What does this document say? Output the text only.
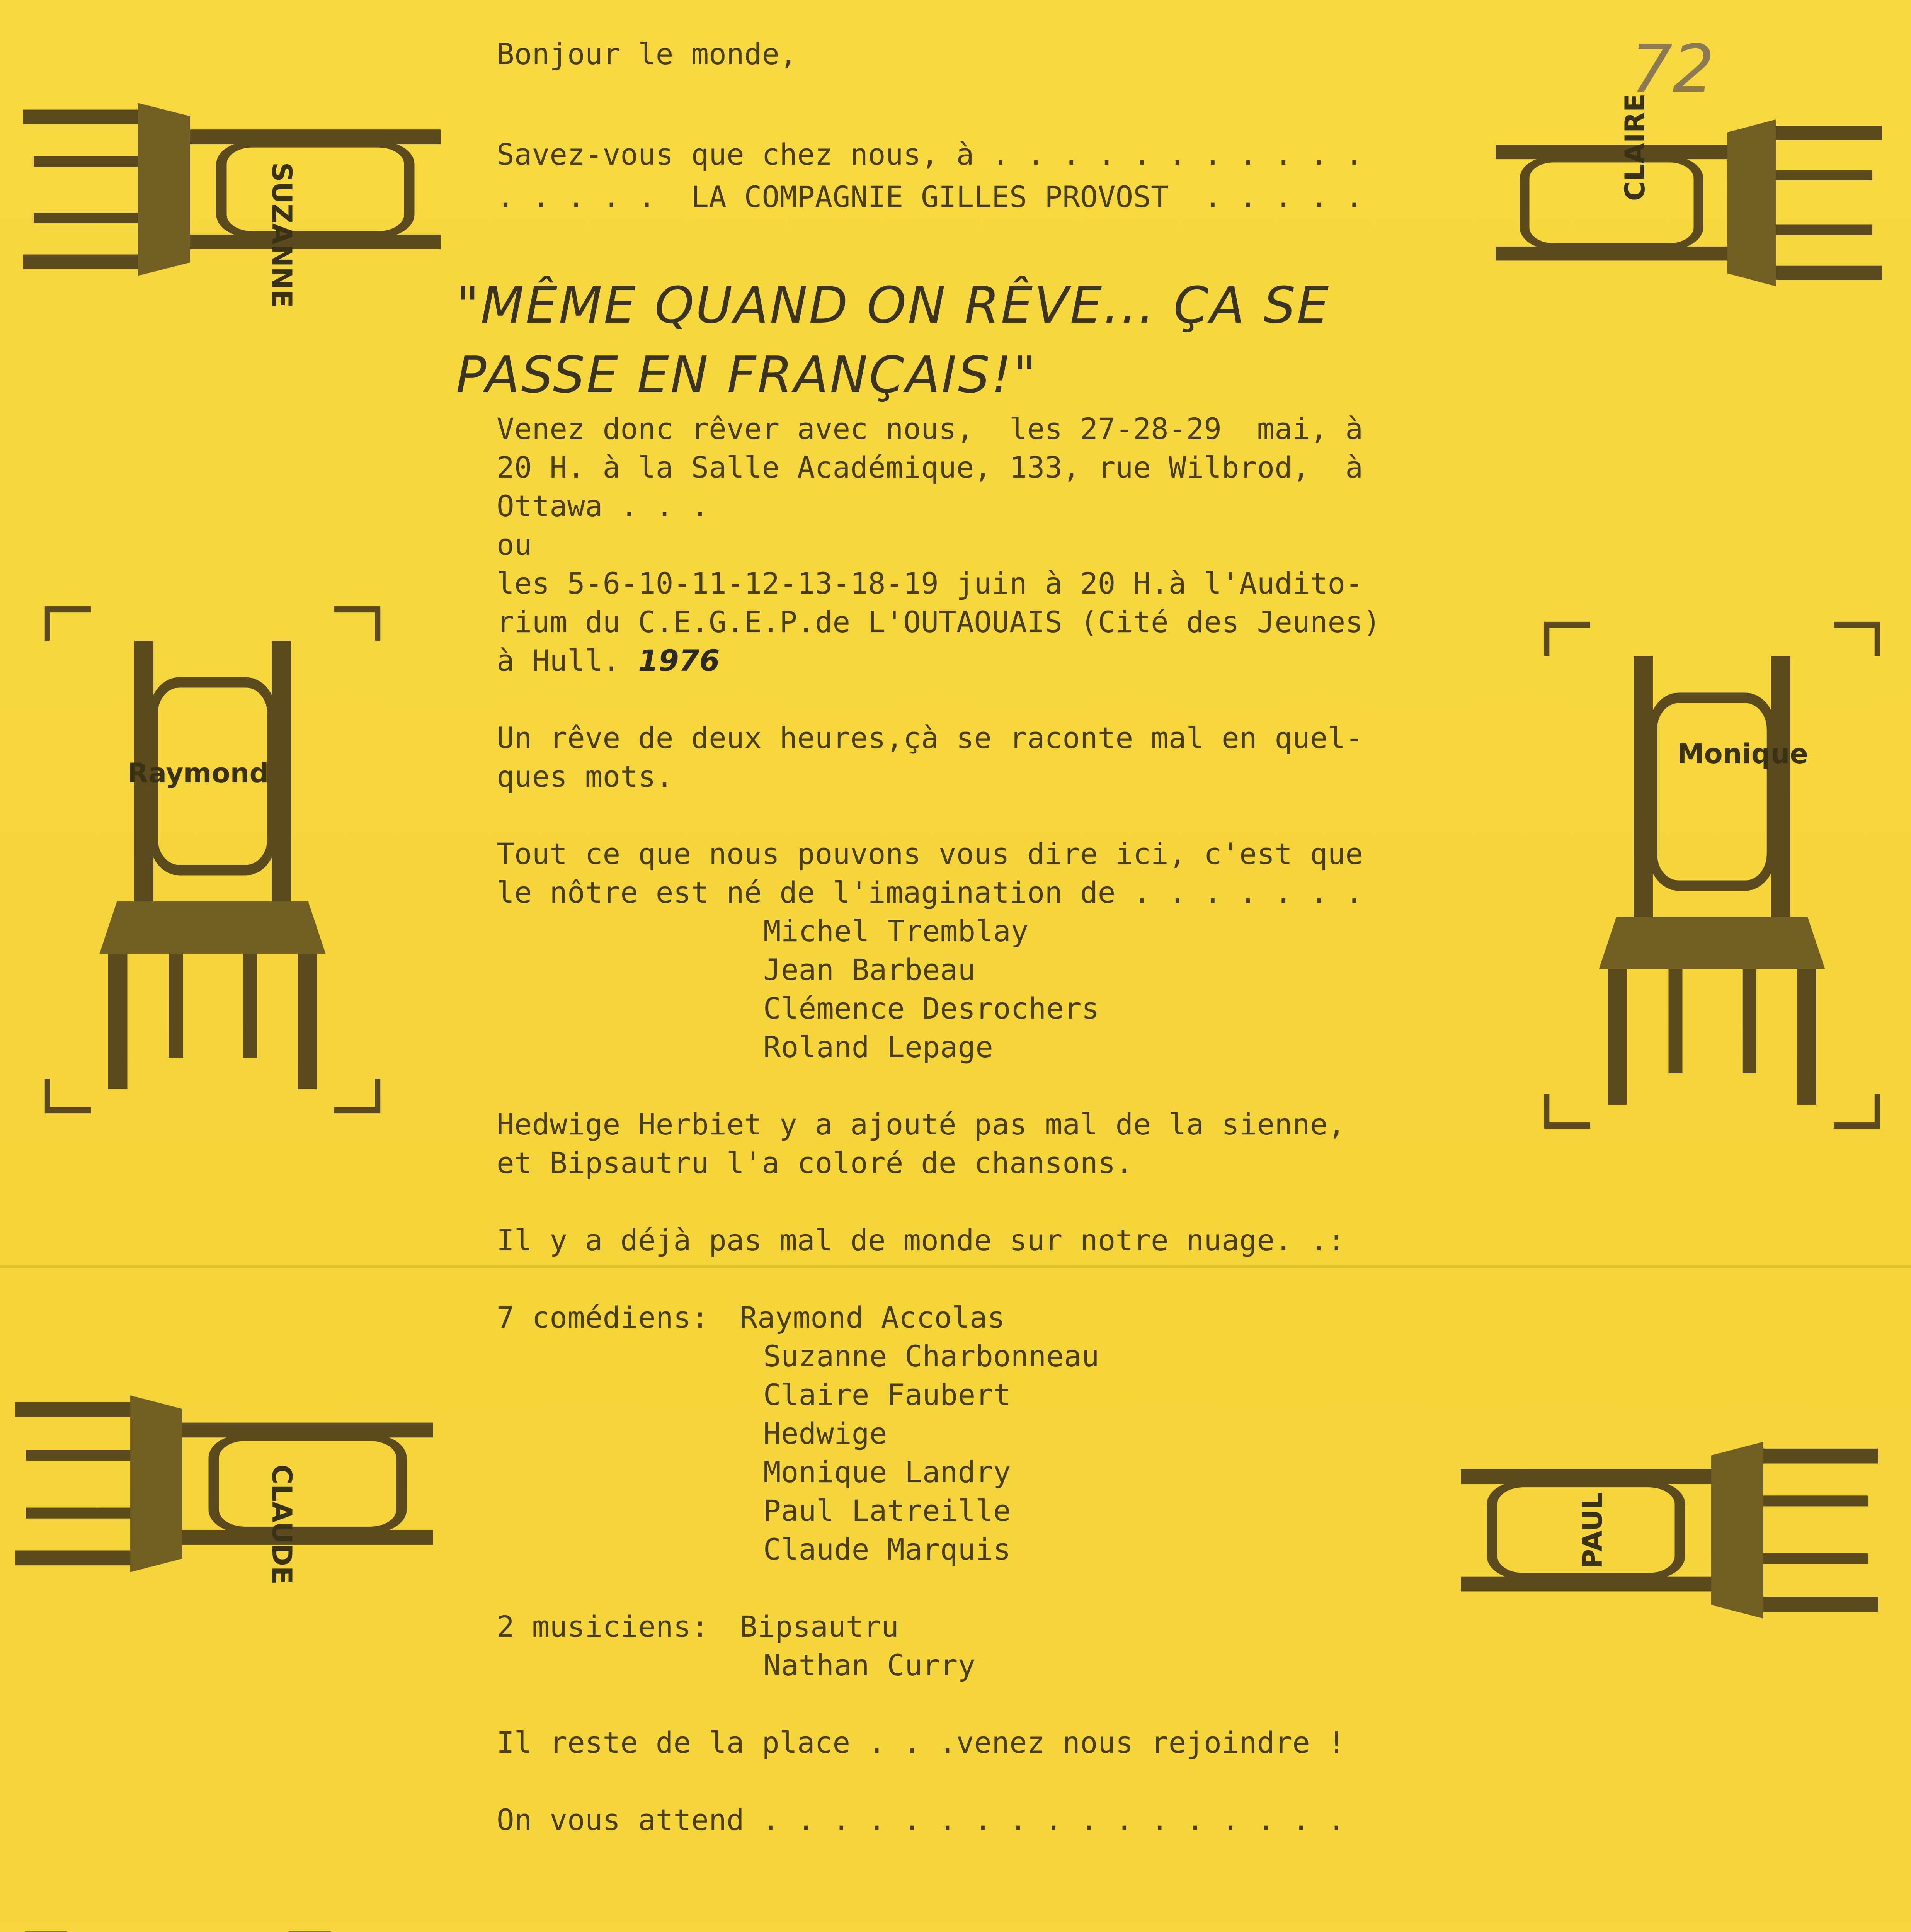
72
Bonjour le monde,
Savez-vous que chez nous, à . . . . . . . . . . .
. . . . .  LA COMPAGNIE GILLES PROVOST  . . . . .
"MÊME QUAND ON RÊVE... ÇA SE PASSE EN FRANÇAIS!"
Venez donc rêver avec nous,  les 27-28-29  mai, à
20 H. à la Salle Académique, 133, rue Wilbrod,  à
Ottawa . . .
ou
les 5-6-10-11-12-13-18-19 juin à 20 H.à l'Audito-
rium du C.E.G.E.P.de L'OUTAOUAIS (Cité des Jeunes)
à Hull. 1976
Un rêve de deux heures,çà se raconte mal en quel-
ques mots.
Tout ce que nous pouvons vous dire ici, c'est que
le nôtre est né de l'imagination de . . . . . . .
Michel Tremblay
Jean Barbeau
Clémence Desrochers
Roland Lepage
Hedwige Herbiet y a ajouté pas mal de la sienne,
et Bipsautru l'a coloré de chansons.
Il y a déjà pas mal de monde sur notre nuage. .:
7 comédiens: Raymond Accolas
Suzanne Charbonneau
Claire Faubert
Hedwige
Monique Landry
Paul Latreille
Claude Marquis
2 musiciens: Bipsautru
Nathan Curry
Il reste de la place . . .venez nous rejoindre !
On vous attend . . . . . . . . . . . . . . . . .
SUZANNE
CLAIRE
Raymond
Monique
CLAUDE	PAUL
